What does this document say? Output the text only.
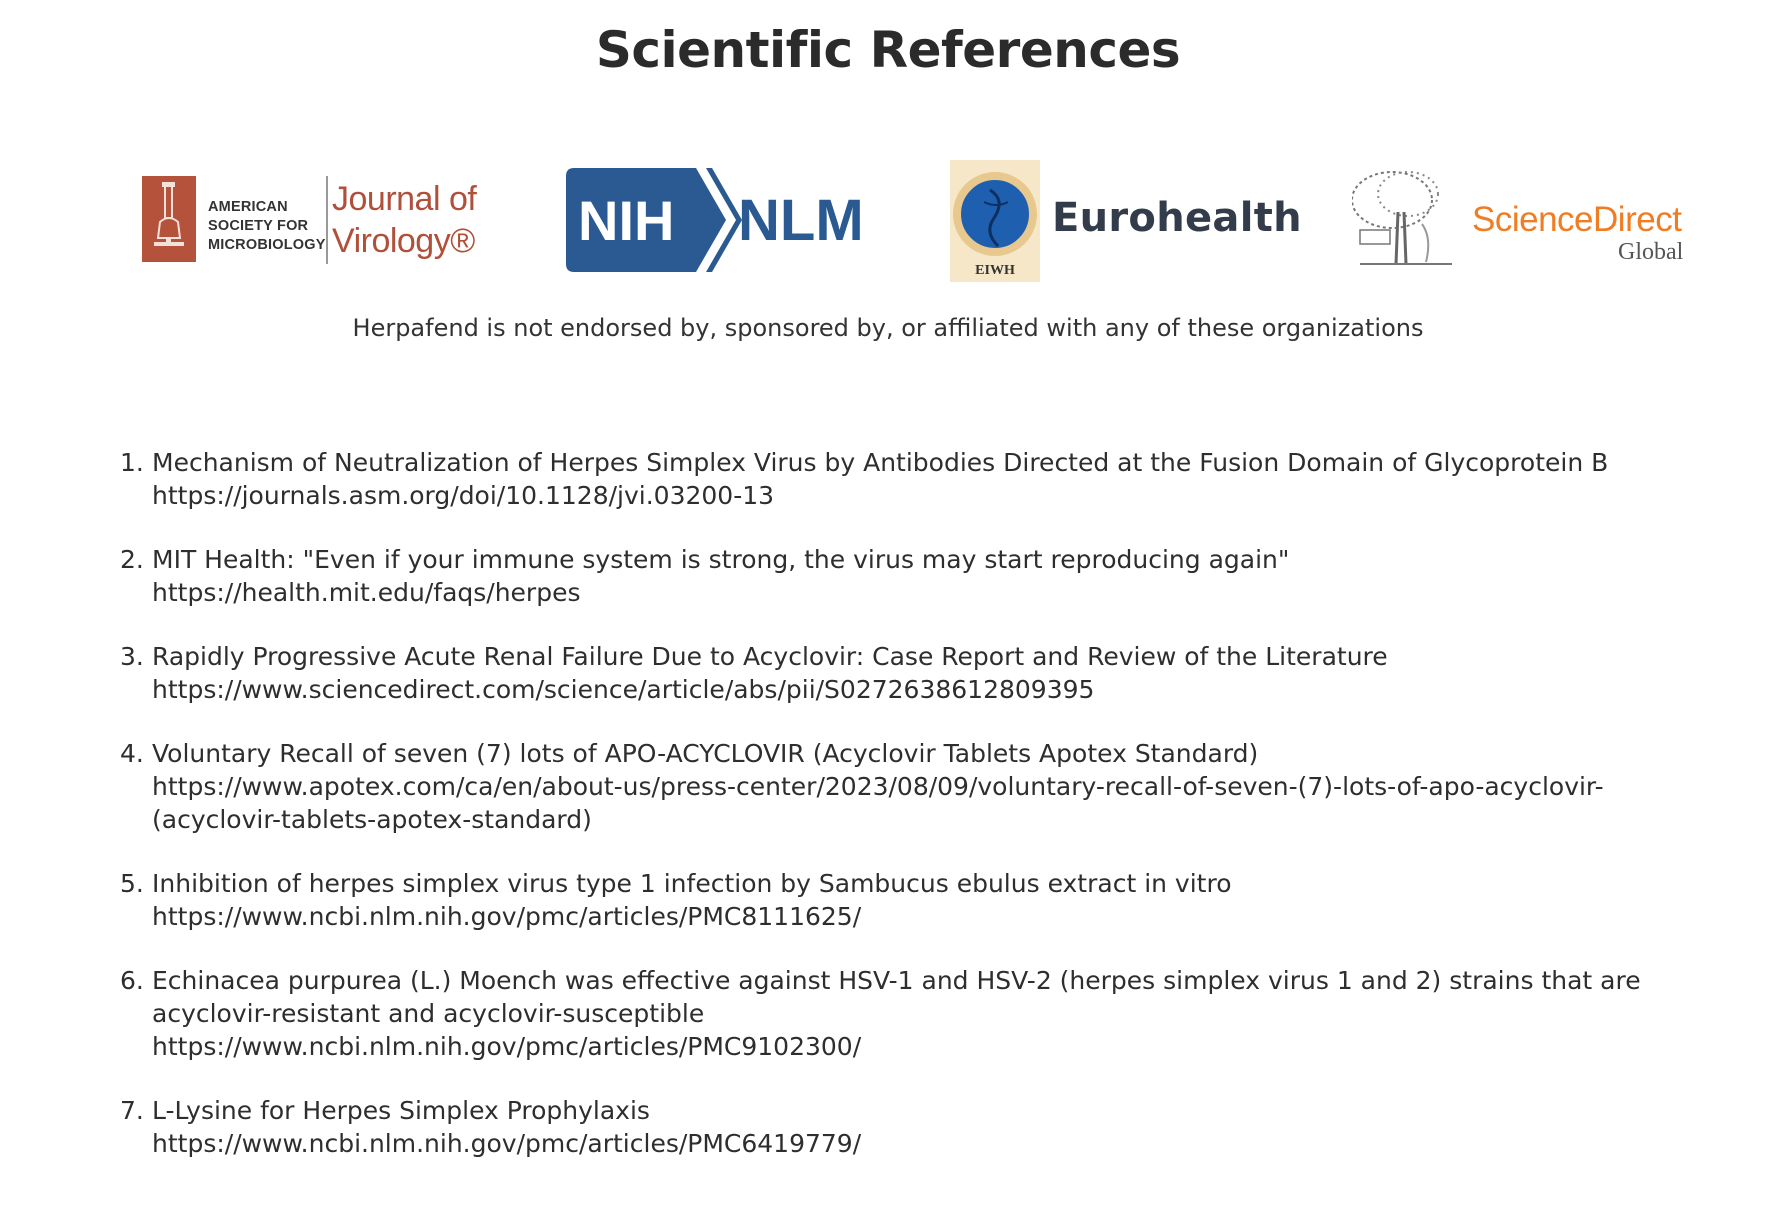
Scientific References
AMERICAN
SOCIETY FOR
MICROBIOLOGY
Journal of
Virology® NIH NLM
EIWH
Eurohealth	ScienceDirect
Global

Herpafend is not endorsed by, sponsored by, or affiliated with any of these organizations

1. Mechanism of Neutralization of Herpes Simplex Virus by Antibodies Directed at the Fusion Domain of Glycoprotein B
https://journals.asm.org/doi/10.1128/jvi.03200-13
2. MIT Health: "Even if your immune system is strong, the virus may start reproducing again"
https://health.mit.edu/faqs/herpes
3. Rapidly Progressive Acute Renal Failure Due to Acyclovir: Case Report and Review of the Literature
https://www.sciencedirect.com/science/article/abs/pii/S0272638612809395
4. Voluntary Recall of seven (7) lots of APO-ACYCLOVIR (Acyclovir Tablets Apotex Standard)
https://www.apotex.com/ca/en/about-us/press-center/2023/08/09/voluntary-recall-of-seven-(7)-lots-of-apo-acyclovir-(acyclovir-tablets-apotex-standard)
5. Inhibition of herpes simplex virus type 1 infection by Sambucus ebulus extract in vitro
https://www.ncbi.nlm.nih.gov/pmc/articles/PMC8111625/
6. Echinacea purpurea (L.) Moench was effective against HSV-1 and HSV-2 (herpes simplex virus 1 and 2) strains that are acyclovir-resistant and acyclovir-susceptible
https://www.ncbi.nlm.nih.gov/pmc/articles/PMC9102300/
7. L-Lysine for Herpes Simplex Prophylaxis
https://www.ncbi.nlm.nih.gov/pmc/articles/PMC6419779/
